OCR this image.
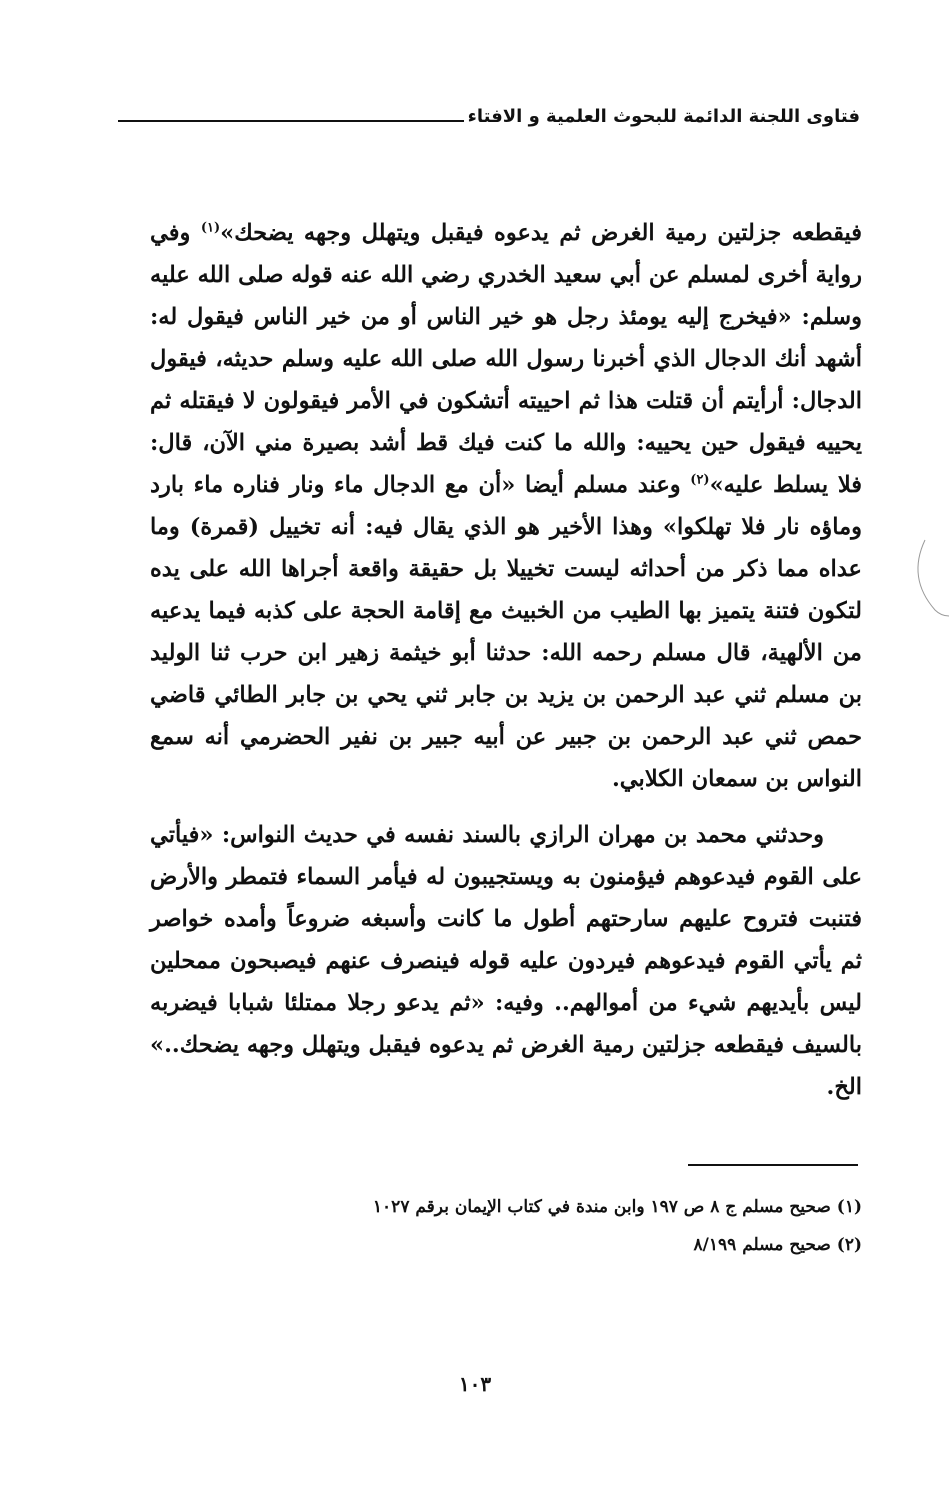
فتاوى اللجنة الدائمة للبحوث العلمية و الافتاء

فيقطعه جزلتين رمية الغرض ثم يدعوه فيقبل ويتهلل وجهه يضحك»$^{(١)}$ وفي رواية أخرى لمسلم عن أبي سعيد الخدري رضي الله عنه قوله صلى الله عليه وسلم: «فيخرج إليه يومئذ رجل هو خير الناس أو من خير الناس فيقول له: أشهد أنك الدجال الذي أخبرنا رسول الله صلى الله عليه وسلم حديثه، فيقول الدجال: أرأيتم أن قتلت هذا ثم احييته أتشكون في الأمر فيقولون لا فيقتله ثم يحييه فيقول حين يحييه: والله ما كنت فيك قط أشد بصيرة مني الآن، قال: فلا يسلط عليه»$^{(٢)}$ وعند مسلم أيضا «أن مع الدجال ماء ونار فناره ماء بارد وماؤه نار فلا تهلكوا» وهذا الأخير هو الذي يقال فيه: أنه تخييل (قمرة) وما عداه مما ذكر من أحداثه ليست تخييلا بل حقيقة واقعة أجراها الله على يده لتكون فتنة يتميز بها الطيب من الخبيث مع إقامة الحجة على كذبه فيما يدعيه من الألهية، قال مسلم رحمه الله: حدثنا أبو خيثمة زهير ابن حرب ثنا الوليد بن مسلم ثني عبد الرحمن بن يزيد بن جابر ثني يحي بن جابر الطائي قاضي حمص ثني عبد الرحمن بن جبير عن أبيه جبير بن نفير الحضرمي أنه سمع النواس بن سمعان الكلابي.

وحدثني محمد بن مهران الرازي بالسند نفسه في حديث النواس: «فيأتي على القوم فيدعوهم فيؤمنون به ويستجيبون له فيأمر السماء فتمطر والأرض فتنبت فتروح عليهم سارحتهم أطول ما كانت وأسبغه ضروعاً وأمده خواصر ثم يأتي القوم فيدعوهم فيردون عليه قوله فينصرف عنهم فيصبحون ممحلين ليس بأيديهم شيء من أموالهم.. وفيه: «ثم يدعو رجلا ممتلئا شبابا فيضربه بالسيف فيقطعه جزلتين رمية الغرض ثم يدعوه فيقبل ويتهلل وجهه يضحك..» الخ.

(١) صحيح مسلم ج ٨ ص ١٩٧ وابن مندة في كتاب الإيمان برقم ١٠٢٧
(٢) صحيح مسلم ٨/١٩٩
١٠٣
